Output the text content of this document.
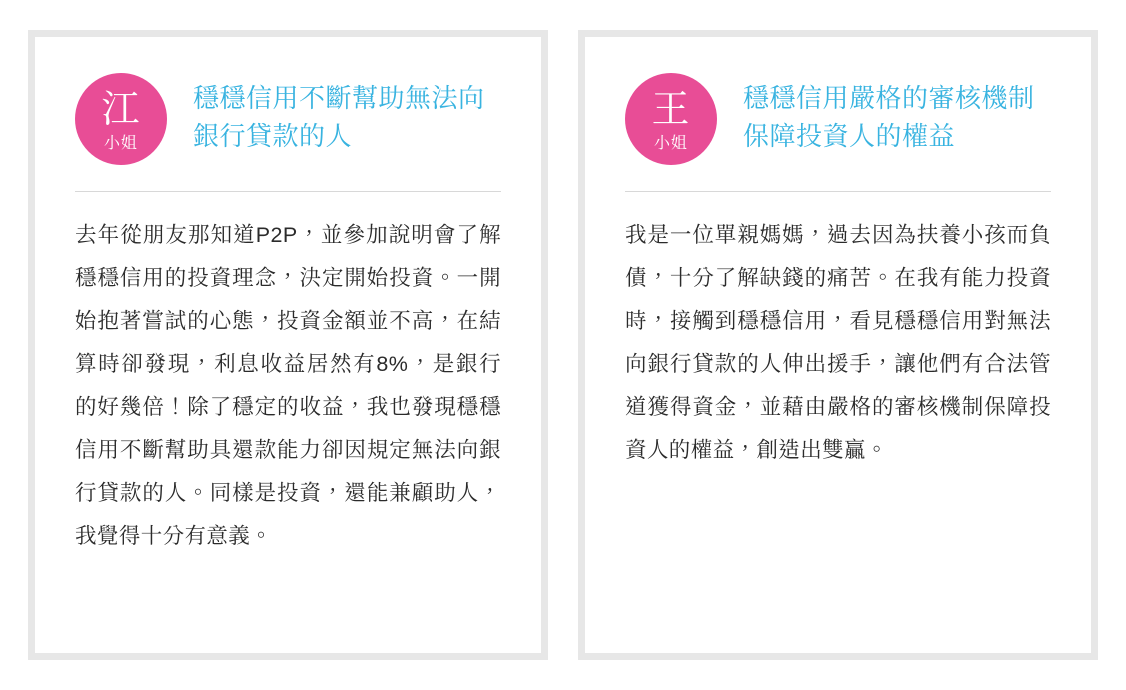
江
小姐
穩穩信用不斷幫助無法向銀行貸款的人
去年從朋友那知道P2P，並參加說明會了解穩穩信用的投資理念，決定開始投資。一開始抱著嘗試的心態，投資金額並不高，在結算時卻發現，利息收益居然有8%，是銀行的好幾倍！除了穩定的收益，我也發現穩穩信用不斷幫助具還款能力卻因規定無法向銀行貸款的人。同樣是投資，還能兼顧助人，我覺得十分有意義。
王
小姐
穩穩信用嚴格的審核機制保障投資人的權益
我是一位單親媽媽，過去因為扶養小孩而負債，十分了解缺錢的痛苦。在我有能力投資時，接觸到穩穩信用，看見穩穩信用對無法向銀行貸款的人伸出援手，讓他們有合法管道獲得資金，並藉由嚴格的審核機制保障投資人的權益，創造出雙贏。
